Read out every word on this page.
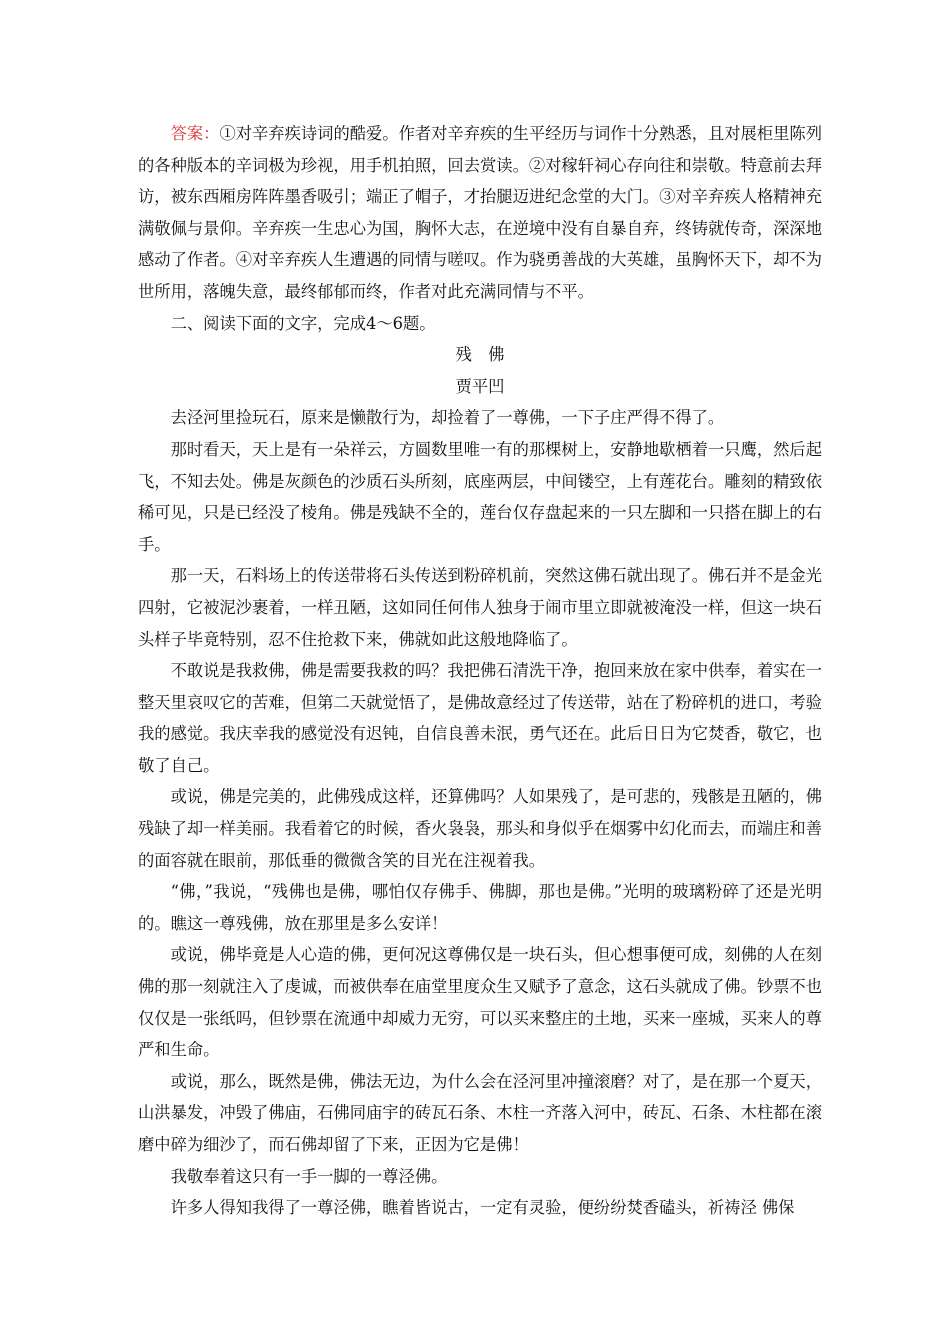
答案：①对辛弃疾诗词的酷爱。作者对辛弃疾的生平经历与词作十分熟悉，且对展柜里陈列的各种版本的辛词极为珍视，用手机拍照，回去赏读。②对稼轩祠心存向往和崇敬。特意前去拜访，被东西厢房阵阵墨香吸引；端正了帽子，才抬腿迈进纪念堂的大门。③对辛弃疾人格精神充满敬佩与景仰。辛弃疾一生忠心为国，胸怀大志，在逆境中没有自暴自弃，终铸就传奇，深深地感动了作者。④对辛弃疾人生遭遇的同情与嗟叹。作为骁勇善战的大英雄，虽胸怀天下，却不为世所用，落魄失意，最终郁郁而终，作者对此充满同情与不平。

二、阅读下面的文字，完成4～6题。

残佛

贾平凹

去泾河里捡玩石，原来是懒散行为，却捡着了一尊佛，一下子庄严得不得了。

那时看天，天上是有一朵祥云，方圆数里唯一有的那棵树上，安静地歇栖着一只鹰，然后起飞，不知去处。佛是灰颜色的沙质石头所刻，底座两层，中间镂空，上有莲花台。雕刻的精致依稀可见，只是已经没了棱角。佛是残缺不全的，莲台仅存盘起来的一只左脚和一只搭在脚上的右手。

那一天，石料场上的传送带将石头传送到粉碎机前，突然这佛石就出现了。佛石并不是金光四射，它被泥沙裹着，一样丑陋，这如同任何伟人独身于闹市里立即就被淹没一样，但这一块石头样子毕竟特别，忍不住抢救下来，佛就如此这般地降临了。

不敢说是我救佛，佛是需要我救的吗？我把佛石清洗干净，抱回来放在家中供奉，着实在一整天里哀叹它的苦难，但第二天就觉悟了，是佛故意经过了传送带，站在了粉碎机的进口，考验我的感觉。我庆幸我的感觉没有迟钝，自信良善未泯，勇气还在。此后日日为它焚香，敬它，也敬了自己。

或说，佛是完美的，此佛残成这样，还算佛吗？人如果残了，是可悲的，残骸是丑陋的，佛残缺了却一样美丽。我看着它的时候，香火袅袅，那头和身似乎在烟雾中幻化而去，而端庄和善的面容就在眼前，那低垂的微微含笑的目光在注视着我。

“佛，”我说，“残佛也是佛，哪怕仅存佛手、佛脚，那也是佛。”光明的玻璃粉碎了还是光明的。瞧这一尊残佛，放在那里是多么安详！

或说，佛毕竟是人心造的佛，更何况这尊佛仅是一块石头，但心想事便可成，刻佛的人在刻佛的那一刻就注入了虔诚，而被供奉在庙堂里度众生又赋予了意念，这石头就成了佛。钞票不也仅仅是一张纸吗，但钞票在流通中却威力无穷，可以买来整庄的土地，买来一座城，买来人的尊严和生命。

或说，那么，既然是佛，佛法无边，为什么会在泾河里冲撞滚磨？对了，是在那一个夏天，山洪暴发，冲毁了佛庙，石佛同庙宇的砖瓦石条、木柱一齐落入河中，砖瓦、石条、木柱都在滚磨中碎为细沙了，而石佛却留了下来，正因为它是佛！

我敬奉着这只有一手一脚的一尊泾佛。

许多人得知我得了一尊泾佛，瞧着皆说古，一定有灵验，便纷纷焚香磕头，祈祷泾 佛保
